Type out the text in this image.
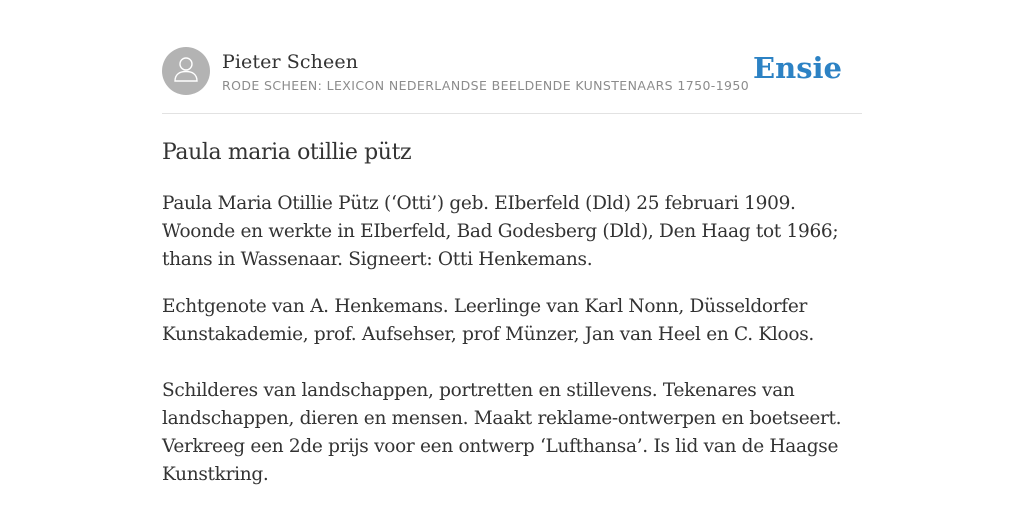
Pieter Scheen
RODE SCHEEN: LEXICON NEDERLANDSE BEELDENDE KUNSTENAARS 1750-1950 Ensie
Paula maria otillie pütz
Paula Maria Otillie Pütz (‘Otti’) geb. EIberfeld (Dld) 25 februari 1909. Woonde en werkte in EIberfeld, Bad Godesberg (Dld), Den Haag tot 1966; thans in Wassenaar. Signeert: Otti Henkemans.
Echtgenote van A. Henkemans. Leerlinge van Karl Nonn, Düsseldorfer Kunstakademie, prof. Aufsehser, prof Münzer, Jan van Heel en C. Kloos.
Schilderes van landschappen, portretten en stillevens. Tekenares van landschappen, dieren en mensen. Maakt reklame-ontwerpen en boetseert. Verkreeg een 2de prijs voor een ontwerp ‘Lufthansa’. Is lid van de Haagse Kunstkring.
